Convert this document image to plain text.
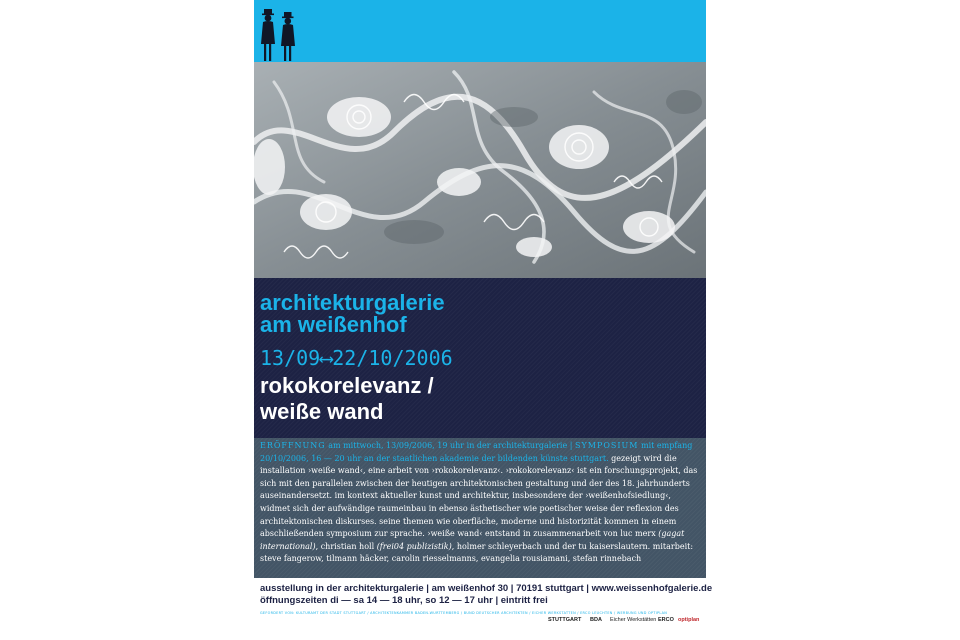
architekturgalerie
am weißenhof
13/09⟷22/10/2006
rokokorelevanz /
weiße wand

ERÖFFNUNG am mittwoch, 13/09/2006, 19 uhr in der architekturgalerie | SYMPOSIUM mit empfang 20/10/2006, 16 — 20 uhr an der staatlichen akademie der bildenden künste stuttgart. gezeigt wird die installation ›weiße wand‹, eine arbeit von ›rokokorelevanz‹. ›rokokorelevanz‹ ist ein forschungsprojekt, das sich mit den parallelen zwischen der heutigen architektonischen gestaltung und der des 18. jahrhunderts auseinandersetzt. im kontext aktueller kunst und architektur, insbesondere der ›weißenhofsiedlung‹, widmet sich der aufwändige raumeinbau in ebenso ästhetischer wie poetischer weise der reflexion des architektonischen diskurses. seine themen wie oberfläche, moderne und historizität kommen in einem abschließenden symposium zur sprache. ›weiße wand‹ entstand in zusammenarbeit von luc merx (gagat international), christian holl (frei04 publizistik), holmer schleyerbach und der tu kaiserslautern. mitarbeit: steve fangerow, tilmann häcker, carolin riesselmanns, evangelia rousiamani, stefan rinnebach

ausstellung in der architekturgalerie | am weißenhof 30 | 70191 stuttgart | www.weissenhofgalerie.de
öffnungszeiten di — sa 14 — 18 uhr, so 12 — 17 uhr | eintritt frei
GEFÖRDERT VON: KULTURAMT DER STADT STUTTGART / ARCHITEKTENKAMMER BADEN-WÜRTTEMBERG / BUND DEUTSCHER ARCHITEKTEN / EICHER WERKSTÄTTEN / ERCO LEUCHTEN / WERBUNG UND OPTIPLAN
STUTTGART BDA Eicher Werkstätten ERCO optiplan
